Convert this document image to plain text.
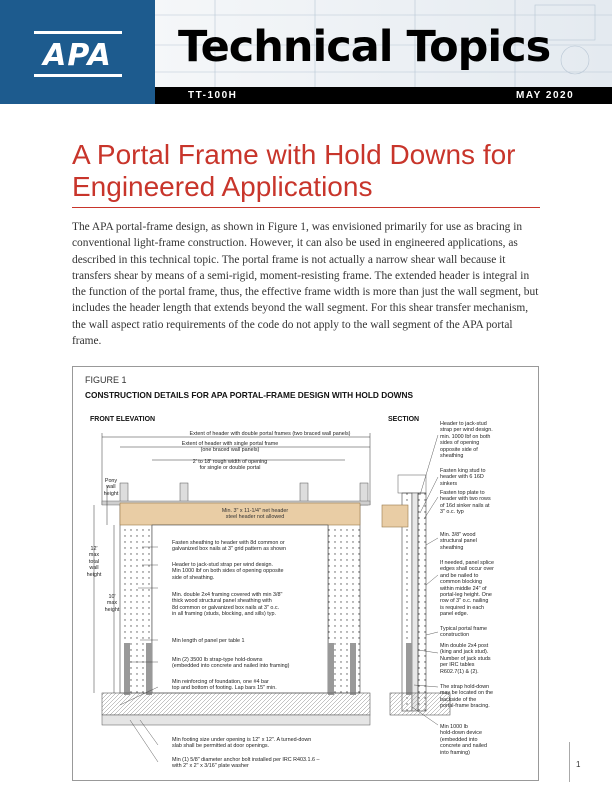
APA	Technical Topics
TT-100H	MAY 2020
A Portal Frame with Hold Downs for Engineered Applications
The APA portal-frame design, as shown in Figure 1, was envisioned primarily for use as bracing in conventional light-frame construction. However, it can also be used in engineered applications, as described in this technical topic. The portal frame is not actually a narrow shear wall because it transfers shear by means of a semi-rigid, moment-resisting frame. The extended header is integral in the function of the portal frame, thus, the effective frame width is more than just the wall segment, but includes the header length that extends beyond the wall segment. For this shear transfer mechanism, the wall aspect ratio requirements of the code do not apply to the wall segment of the APA portal frame.
FIGURE 1
CONSTRUCTION DETAILS FOR APA PORTAL-FRAME DESIGN WITH HOLD DOWNS
FRONT ELEVATION	SECTION
Extent of header with double portal frames (two braced wall panels)
Extent of header with single portal frame
(one braced wall panels)
2' to 18' rough width of opening
for single or double portal
Pony
wall
height
12'
max
total
wall
height
10'
max
height
Min. 3" x 11-1/4" net header
steel header not allowed
Fasten sheathing to header with 8d common or
galvanized box nails at 3" grid pattern as shown
Header to jack-stud strap per wind design.
Min 1000 lbf on both sides of opening opposite
side of sheathing.
Min. double 2x4 framing covered with min 3/8"
thick wood structural panel sheathing with
8d common or galvanized box nails at 3" o.c.
in all framing (studs, blocking, and sills) typ.
Min length of panel per table 1
Min (2) 3500 lb strap-type hold-downs
(embedded into concrete and nailed into framing)
Min reinforcing of foundation, one #4 bar
top and bottom of footing. Lap bars 15" min.
Min footing size under opening is 12" x 12". A turned-down
slab shall be permitted at door openings.
Min (1) 5/8" diameter anchor bolt installed per IRC R403.1.6 –
with 2" x 2" x 3/16" plate washer
Header to jack-stud
strap per wind design.
min. 1000 lbf on both
sides of opening
opposite side of
sheathing
Fasten king stud to
header with 6 16D
sinkers
Fasten top plate to
header with two rows
of 16d sinker nails at
3" o.c. typ
Min. 3/8" wood
structural panel
sheathing
If needed, panel splice
edges shall occur over
and be nailed to
common blocking
within middle 24" of
portal-leg height. One
row of 3" o.c. nailing
is required in each
panel edge.
Typical portal frame
construction
Min double 2x4 post
(king and jack stud).
Number of jack studs
per IRC tables
R602.7(1) & (2).
The strap hold-down
may be located on the
backside of the
portal-frame bracing.
Min 1000 lb
hold-down device
(embedded into
concrete and nailed
into framing)
1
